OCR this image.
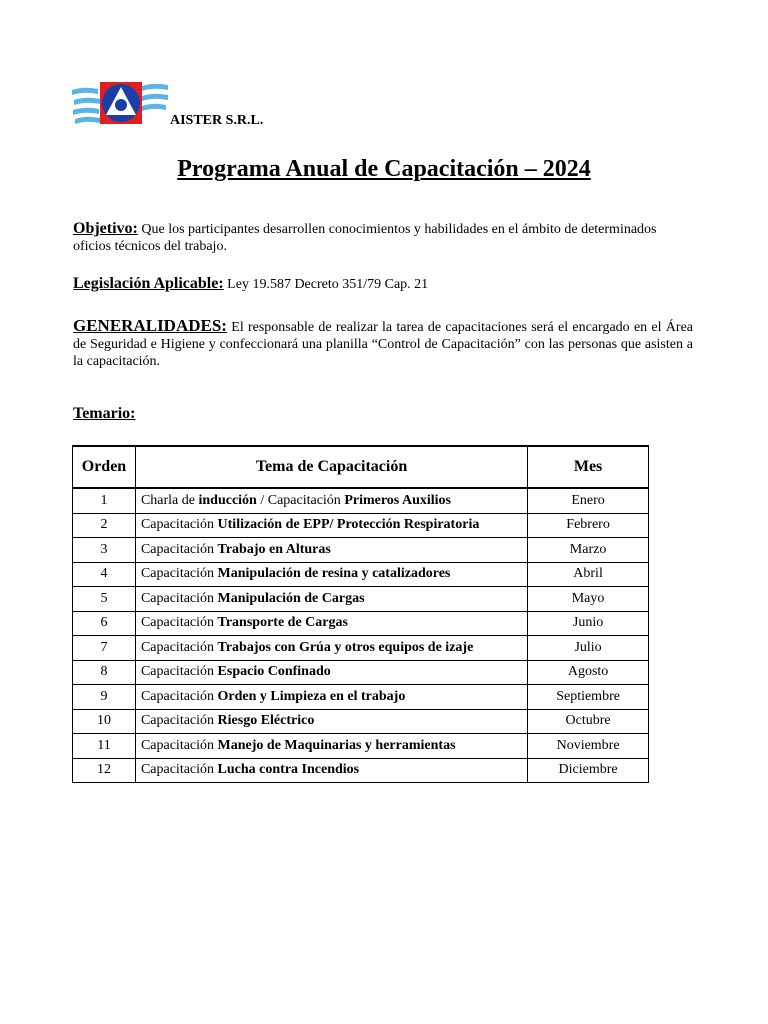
AISTER S.R.L.
Programa Anual de Capacitación – 2024
Objetivo: Que los participantes desarrollen conocimientos y habilidades en el ámbito de determinados oficios técnicos del trabajo.
Legislación Aplicable: Ley 19.587 Decreto 351/79 Cap. 21
GENERALIDADES: El responsable de realizar la tarea de capacitaciones será el encargado en el Área de Seguridad e Higiene y confeccionará una planilla “Control de Capacitación” con las personas que asisten a la capacitación.
Temario:
Orden	Tema de Capacitación	Mes
1	Charla de inducción / Capacitación Primeros Auxilios	Enero
2	Capacitación Utilización de EPP/ Protección Respiratoria	Febrero
3	Capacitación Trabajo en Alturas	Marzo
4	Capacitación Manipulación de resina y catalizadores	Abril
5	Capacitación Manipulación de Cargas	Mayo
6	Capacitación Transporte de Cargas	Junio
7	Capacitación Trabajos con Grúa y otros equipos de izaje	Julio
8	Capacitación Espacio Confinado	Agosto
9	Capacitación Orden y Limpieza en el trabajo	Septiembre
10	Capacitación Riesgo Eléctrico	Octubre
11	Capacitación Manejo de Maquinarias y herramientas	Noviembre
12	Capacitación Lucha contra Incendios	Diciembre
